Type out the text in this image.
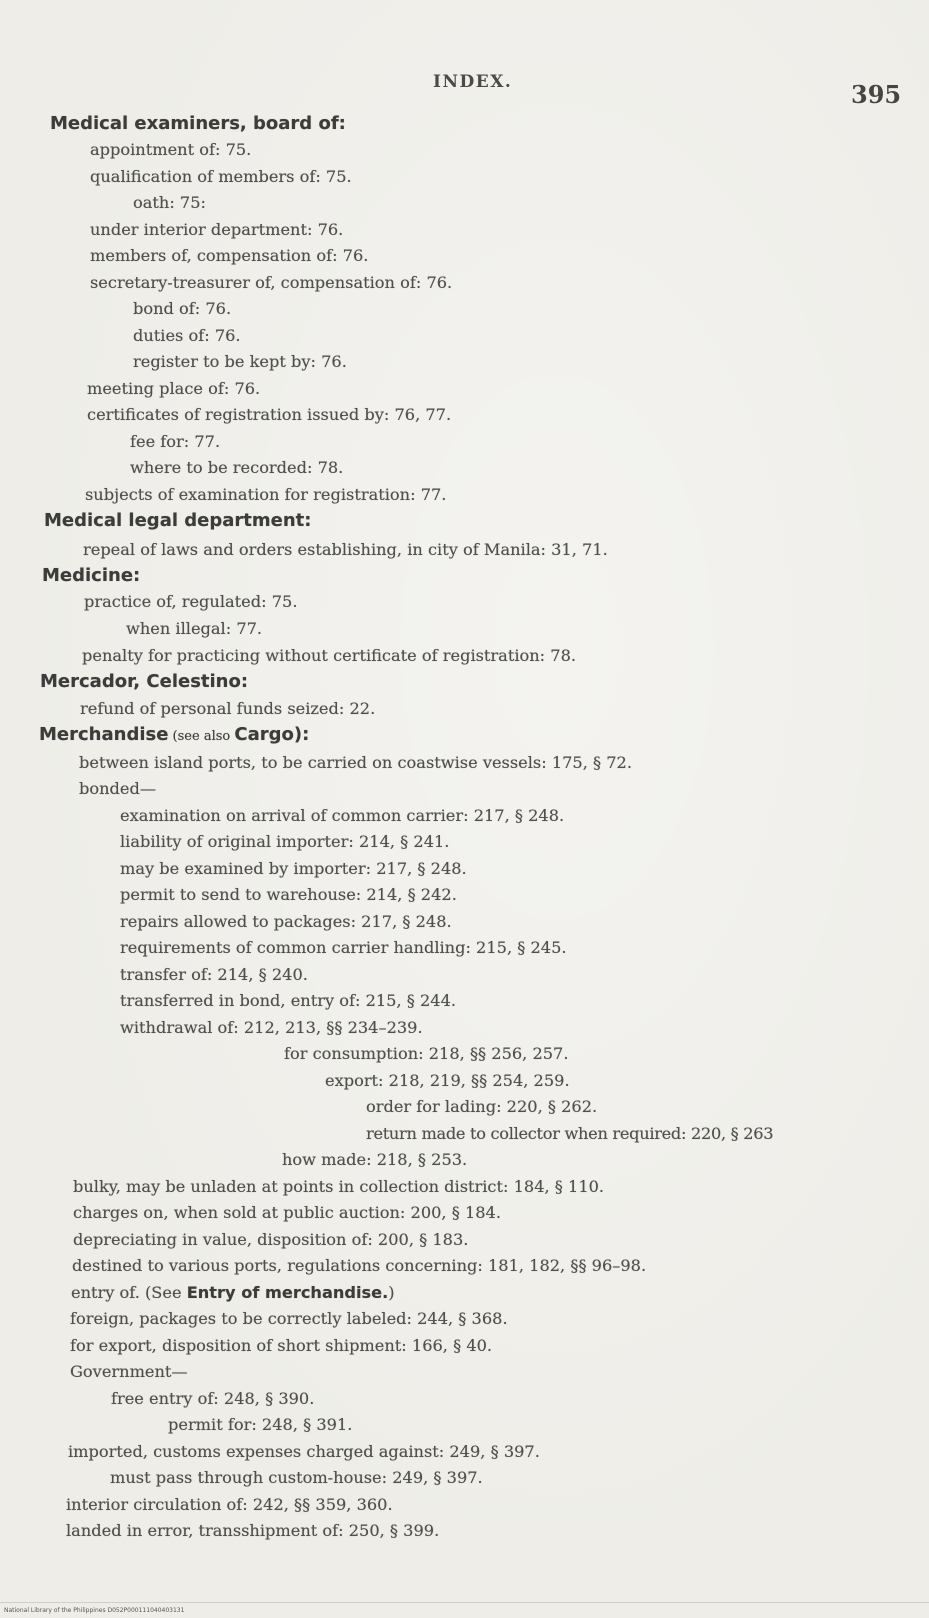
INDEX.	395
Medical examiners, board of:
appointment of: 75.
qualification of members of: 75.
oath: 75:
under interior department: 76.
members of, compensation of: 76.
secretary-treasurer of, compensation of: 76.
bond of: 76.
duties of: 76.
register to be kept by: 76.
meeting place of: 76.
certificates of registration issued by: 76, 77.
fee for: 77.
where to be recorded: 78.
subjects of examination for registration: 77.
Medical legal department:
repeal of laws and orders establishing, in city of Manila: 31, 71.
Medicine:
practice of, regulated: 75.
when illegal: 77.
penalty for practicing without certificate of registration: 78.
Mercador, Celestino:
refund of personal funds seized: 22.
Merchandise (see also Cargo):
between island ports, to be carried on coastwise vessels: 175, § 72.
bonded—
examination on arrival of common carrier: 217, § 248.
liability of original importer: 214, § 241.
may be examined by importer: 217, § 248.
permit to send to warehouse: 214, § 242.
repairs allowed to packages: 217, § 248.
requirements of common carrier handling: 215, § 245.
transfer of: 214, § 240.
transferred in bond, entry of: 215, § 244.
withdrawal of: 212, 213, §§ 234–239.
for consumption: 218, §§ 256, 257.
export: 218, 219, §§ 254, 259.
order for lading: 220, § 262.
return made to collector when required: 220, § 263
how made: 218, § 253.
bulky, may be unladen at points in collection district: 184, § 110.
charges on, when sold at public auction: 200, § 184.
depreciating in value, disposition of: 200, § 183.
destined to various ports, regulations concerning: 181, 182, §§ 96–98.
entry of. (See Entry of merchandise.)
foreign, packages to be correctly labeled: 244, § 368.
for export, disposition of short shipment: 166, § 40.
Government—
free entry of: 248, § 390.
permit for: 248, § 391.
imported, customs expenses charged against: 249, § 397.
must pass through custom-house: 249, § 397.
interior circulation of: 242, §§ 359, 360.
landed in error, transshipment of: 250, § 399.
National Library of the Philippines D052P000111040403131
